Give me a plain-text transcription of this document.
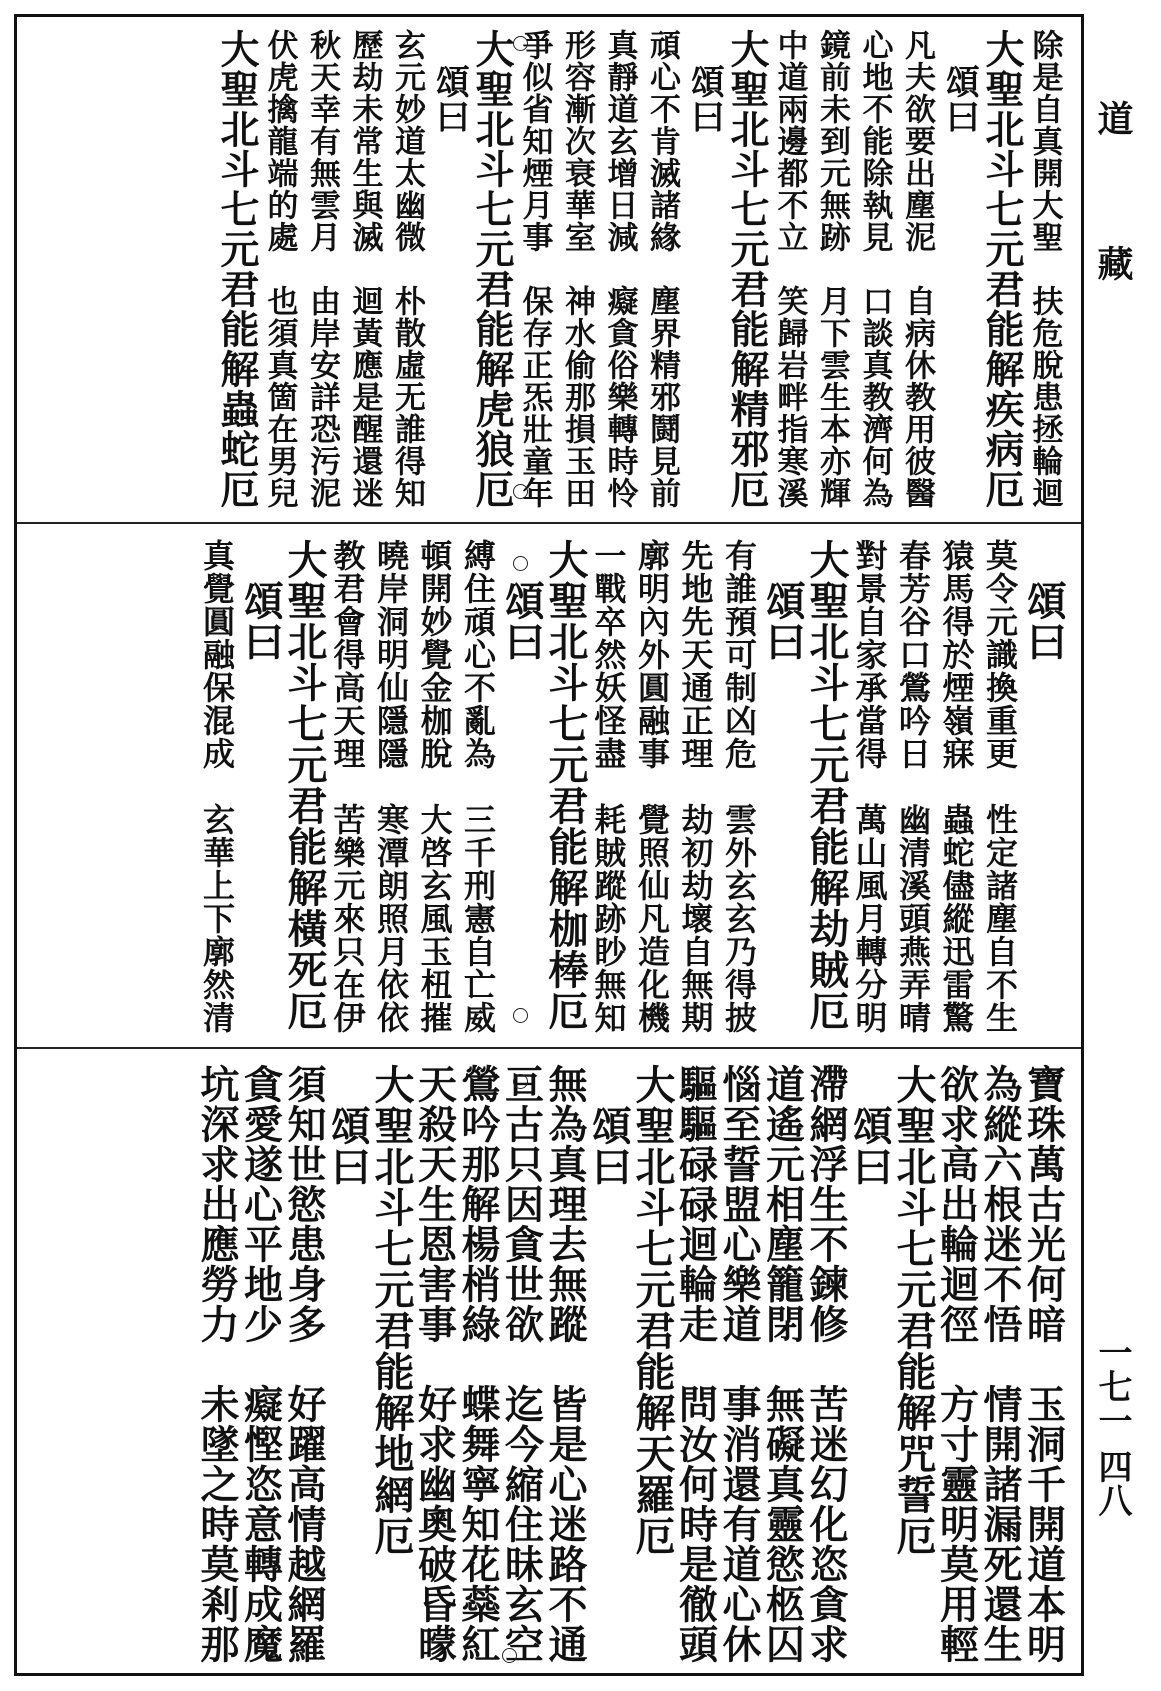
道
藏
一七一 四八
除是自真開大聖　扶危脫患拯輪迴
大聖北斗七元君能解疾病厄
　頌曰
凡夫欲要出塵泥　自病休教用彼醫
心地不能除執見　口談真教濟何為
鏡前未到元無跡　月下雲生本亦輝
中道兩邊都不立　笑歸岩畔指寒溪
大聖北斗七元君能解精邪厄
　頌曰
頑心不肯滅諸緣　塵界精邪鬪見前
真靜道玄增日減　癡貪俗樂轉時怜
形容漸次衰華室　神水偷那損玉田
爭似省知煙月事　保存正炁壯童年
大聖北斗七元君能解虎狼厄
　頌曰
玄元妙道太幽微　朴散虛无誰得知
歷劫未常生與滅　迴黃應是醒還迷
秋天幸有無雲月　由岸安詳恐污泥
伏虎擒龍端的處　也須真箇在男兒
大聖北斗七元君能解蟲蛇厄
　頌曰
莫令元識換重更　性定諸塵自不生
猿馬得於煙嶺寐　蟲蛇儘縱迅雷驚
春芳谷口鶯吟日　幽清溪頭燕弄晴
對景自家承當得　萬山風月轉分明
大聖北斗七元君能解劫賊厄
　頌曰
有誰預可制凶危　雲外玄玄乃得披
先地先天通正理　劫初劫壞自無期
廓明內外圓融事　覺照仙凡造化機
一戰卒然妖怪盡　耗賊蹤跡眇無知
大聖北斗七元君能解枷棒厄
　頌曰
縛住頑心不亂為　三千刑憲自亡威
頓開妙覺金枷脫　大啓玄風玉杻摧
曉岸洞明仙隱隱　寒潭朗照月依依
教君會得高天理　苦樂元來只在伊
大聖北斗七元君能解橫死厄
　頌曰
真覺圓融保混成　玄華上下廓然清
寶珠萬古光何暗　玉洞千開道本明
為縱六根迷不悟　情開諸漏死還生
欲求高出輪迴徑　方寸靈明莫用輕
大聖北斗七元君能解咒誓厄
　頌曰
滯網浮生不鍊修　苦迷幻化恣貪求
道遙元相塵籠閉　無礙真靈慾柩囚
惱至誓盟心樂道　事消還有道心休
驅驅碌碌迴輪走　問汝何時是徹頭
大聖北斗七元君能解天羅厄
　頌曰
無為真理去無蹤　皆是心迷路不通
亘古只因貪世欲　迄今縮住昧玄空
鶯吟那解楊梢綠　蝶舞寧知花蘂紅
天殺天生恩害事　好求幽奧破昏曚
大聖北斗七元君能解地網厄
　頌曰
須知世慾患身多　好躍高情越網羅
貪愛遂心平地少　癡慳恣意轉成魔
坑深求出應勞力　未墜之時莫剎那
